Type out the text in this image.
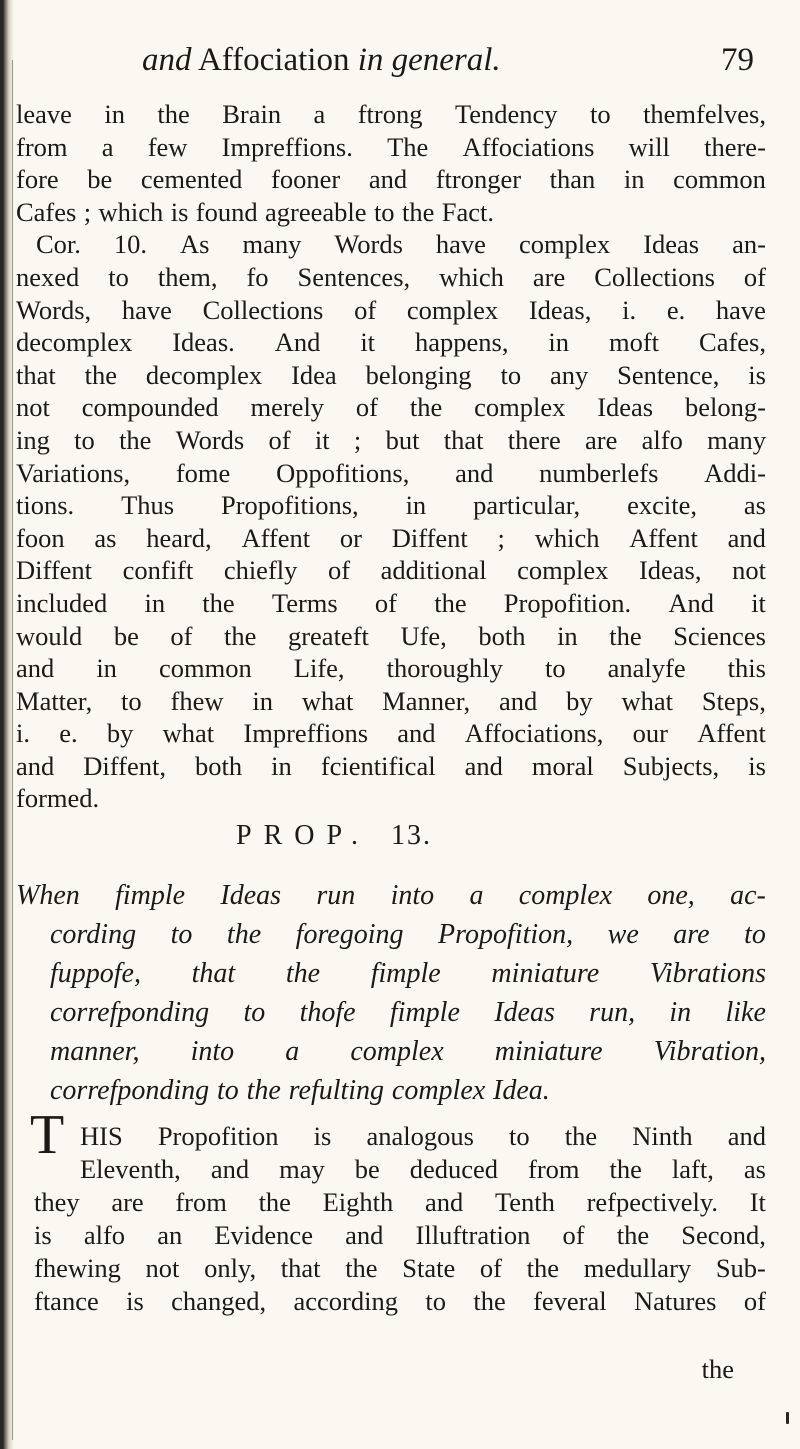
and Affociation in general.	79
leave in the Brain a ftrong Tendency to themfelves,
from a few Impreffions. The Affociations will there-
fore be cemented fooner and ftronger than in common
Cafes ; which is found agreeable to the Fact.
Cor. 10. As many Words have complex Ideas an-
nexed to them, fo Sentences, which are Collections of
Words, have Collections of complex Ideas, i. e. have
decomplex Ideas. And it happens, in moft Cafes,
that the decomplex Idea belonging to any Sentence, is
not compounded merely of the complex Ideas belong-
ing to the Words of it ; but that there are alfo many
Variations, fome Oppofitions, and numberlefs Addi-
tions. Thus Propofitions, in particular, excite, as
foon as heard, Affent or Diffent ; which Affent and
Diffent confift chiefly of additional complex Ideas, not
included in the Terms of the Propofition. And it
would be of the greateft Ufe, both in the Sciences
and in common Life, thoroughly to analyfe this
Matter, to fhew in what Manner, and by what Steps,
i. e. by what Impreffions and Affociations, our Affent
and Diffent, both in fcientifical and moral Subjects, is
formed.
PROP. 13.
When fimple Ideas run into a complex one, ac-
cording to the foregoing Propofition, we are to
fuppofe, that the fimple miniature Vibrations
correfponding to thofe fimple Ideas run, in like
manner, into a complex miniature Vibration,
correfponding to the refulting complex Idea.
T HIS Propofition is analogous to the Ninth and
Eleventh, and may be deduced from the laft, as
they are from the Eighth and Tenth refpectively. It
is alfo an Evidence and Illuftration of the Second,
fhewing not only, that the State of the medullary Sub-
ftance is changed, according to the feveral Natures of
the
